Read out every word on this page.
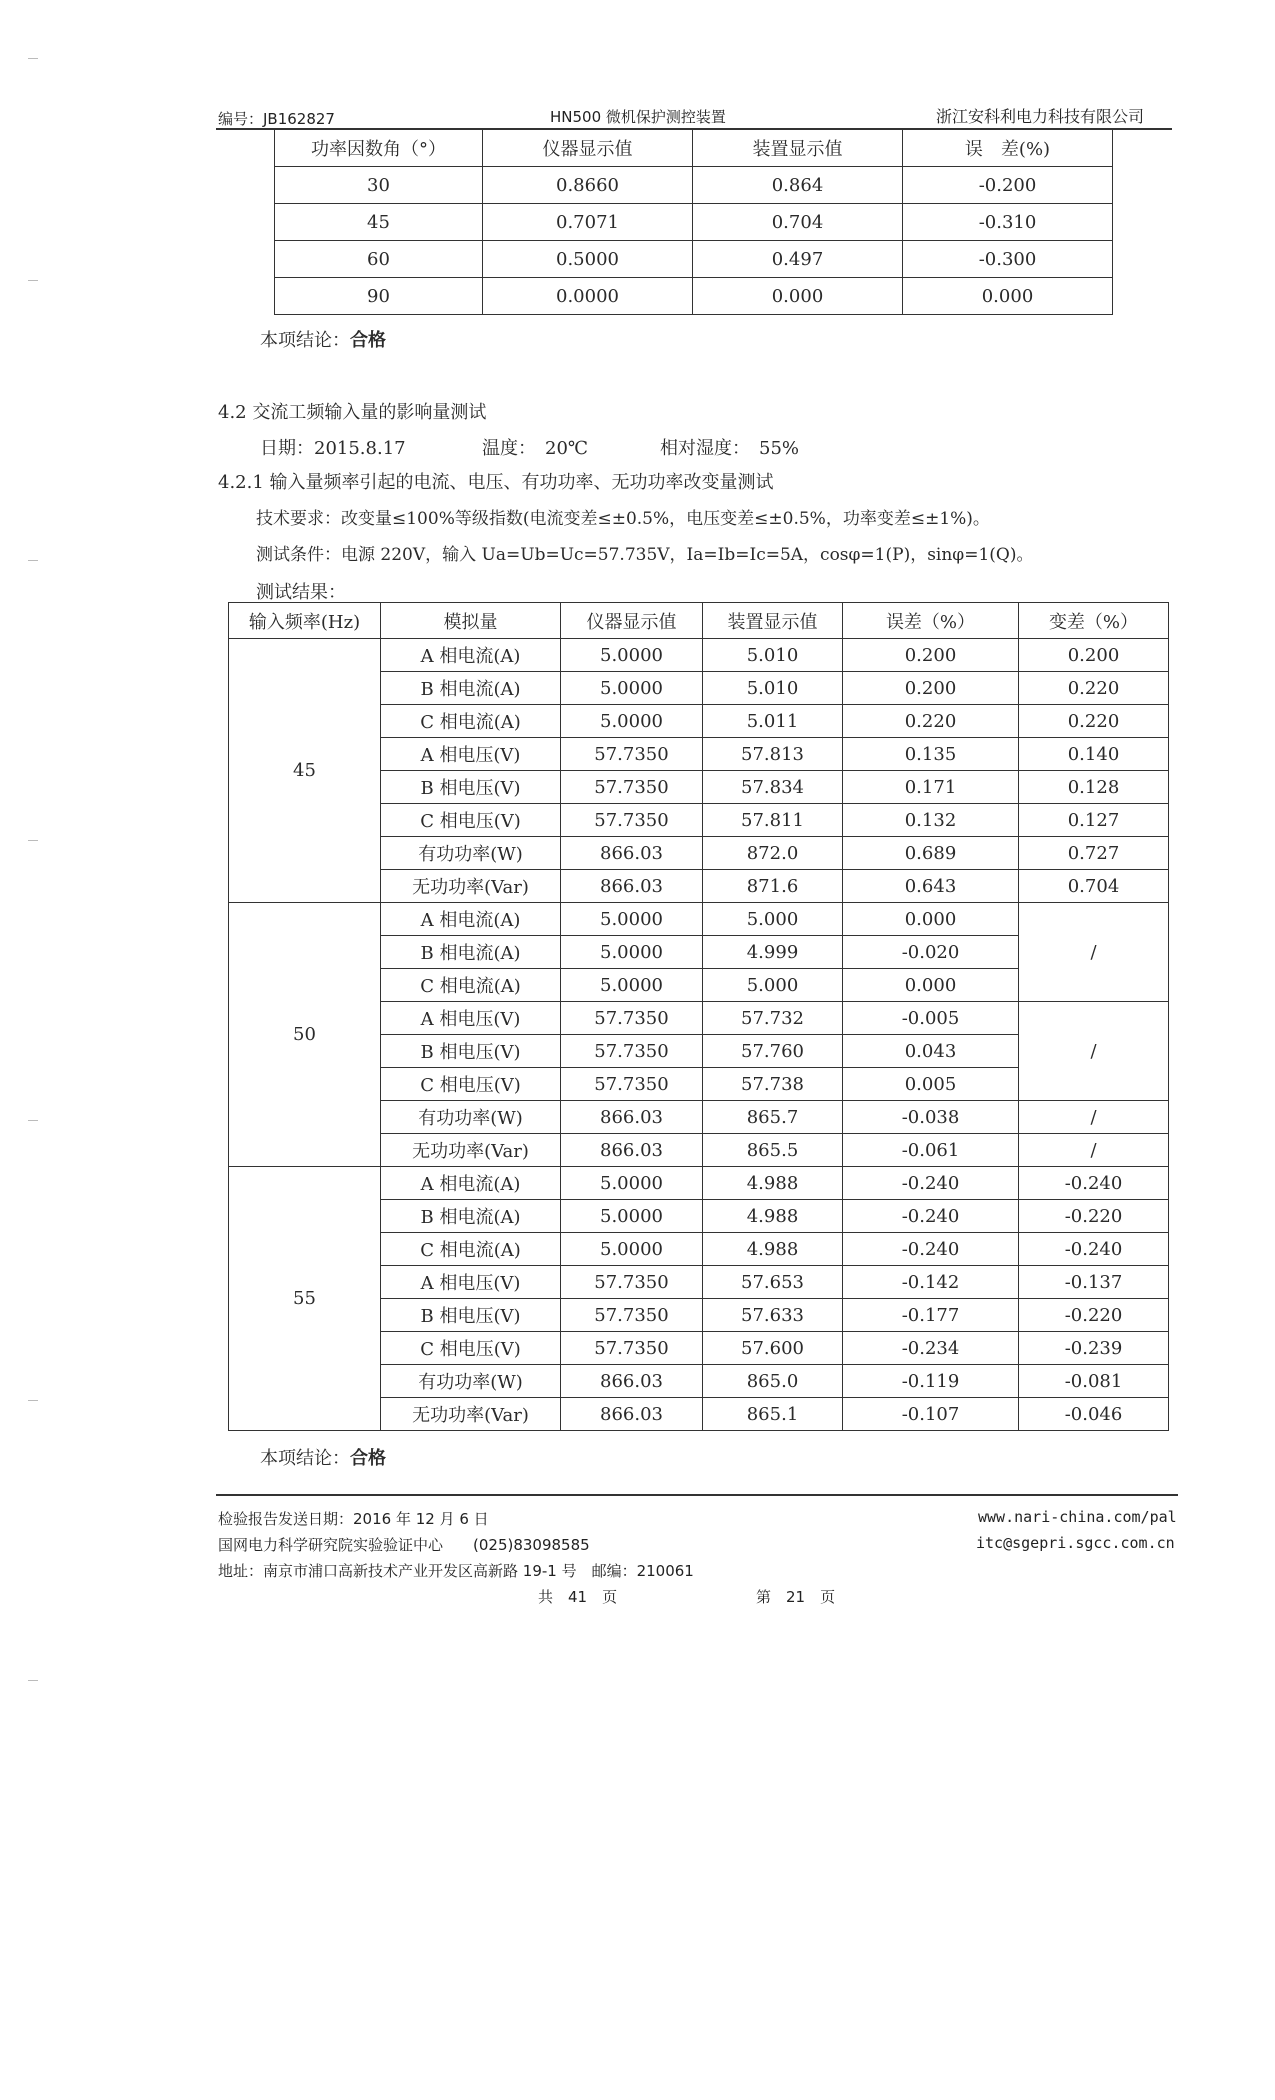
编号：JB162827	HN500 微机保护测控装置	浙江安科利电力科技有限公司
功率因数角（°）	仪器显示值	装置显示值	误　差(%)
30	0.8660	0.864	-0.200
45	0.7071	0.704	-0.310
60	0.5000	0.497	-0.300
90	0.0000	0.000	0.000
本项结论：合格
4.2 交流工频输入量的影响量测试
日期：2015.8.17	温度：　20℃	相对湿度：　55%
4.2.1 输入量频率引起的电流、电压、有功功率、无功功率改变量测试
技术要求：改变量≤100%等级指数(电流变差≤±0.5%，电压变差≤±0.5%，功率变差≤±1%)。
测试条件：电源 220V，输入 Ua=Ub=Uc=57.735V，Ia=Ib=Ic=5A，cosφ=1(P)，sinφ=1(Q)。
测试结果：
输入频率(Hz)	模拟量	仪器显示值	装置显示值	误差（%）	变差（%）
45	A 相电流(A)	5.0000	5.010	0.200	0.200
	B 相电流(A)	5.0000	5.010	0.200	0.220
	C 相电流(A)	5.0000	5.011	0.220	0.220
	A 相电压(V)	57.7350	57.813	0.135	0.140
	B 相电压(V)	57.7350	57.834	0.171	0.128
	C 相电压(V)	57.7350	57.811	0.132	0.127
	有功功率(W)	866.03	872.0	0.689	0.727
	无功功率(Var)	866.03	871.6	0.643	0.704
50	A 相电流(A)	5.0000	5.000	0.000	/
	B 相电流(A)	5.0000	4.999	-0.020	
	C 相电流(A)	5.0000	5.000	0.000	
	A 相电压(V)	57.7350	57.732	-0.005	/
	B 相电压(V)	57.7350	57.760	0.043	
	C 相电压(V)	57.7350	57.738	0.005	
	有功功率(W)	866.03	865.7	-0.038	/
	无功功率(Var)	866.03	865.5	-0.061	/
55	A 相电流(A)	5.0000	4.988	-0.240	-0.240
	B 相电流(A)	5.0000	4.988	-0.240	-0.220
	C 相电流(A)	5.0000	4.988	-0.240	-0.240
	A 相电压(V)	57.7350	57.653	-0.142	-0.137
	B 相电压(V)	57.7350	57.633	-0.177	-0.220
	C 相电压(V)	57.7350	57.600	-0.234	-0.239
	有功功率(W)	866.03	865.0	-0.119	-0.081
	无功功率(Var)	866.03	865.1	-0.107	-0.046
本项结论：合格
检验报告发送日期：2016 年 12 月 6 日
国网电力科学研究院实验验证中心　　(025)83098585
地址：南京市浦口高新技术产业开发区高新路 19-1 号　邮编：210061
www.nari-china.com/pal
itc@sgepri.sgcc.com.cn
共　41　页	第　21　页
